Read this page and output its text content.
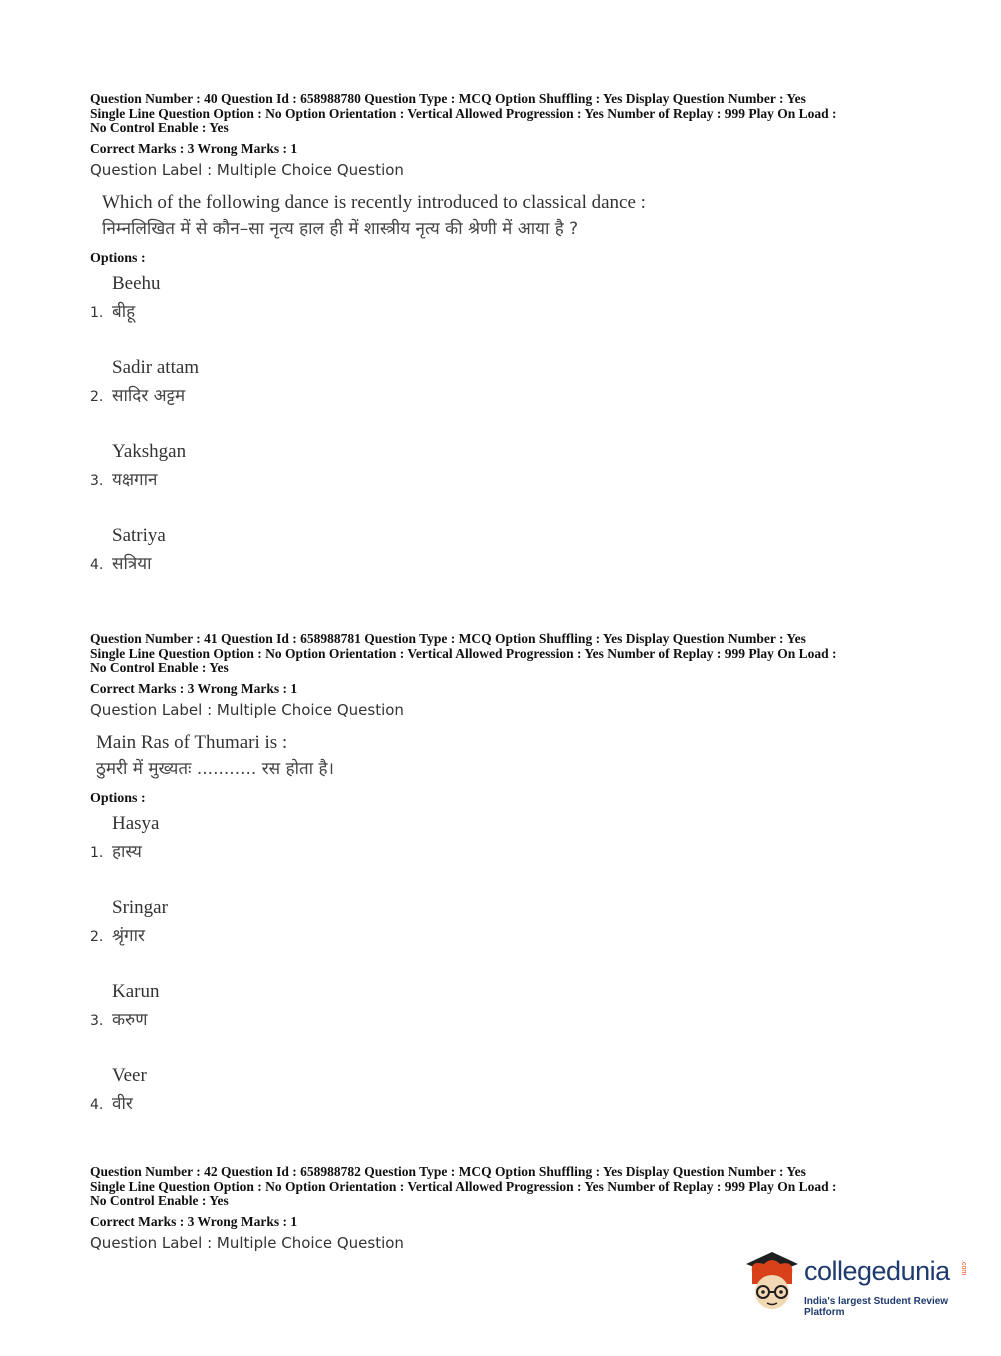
Question Number : 40 Question Id : 658988780 Question Type : MCQ Option Shuffling : Yes Display Question Number : Yes
Single Line Question Option : No Option Orientation : Vertical Allowed Progression : Yes Number of Replay : 999 Play On Load :
No Control Enable : Yes
Correct Marks : 3 Wrong Marks : 1
Question Label : Multiple Choice Question
Which of the following dance is recently introduced to classical dance :
निम्नलिखित में से कौन–सा नृत्य हाल ही में शास्त्रीय नृत्य की श्रेणी में आया है ?
Options :
1.
Beehu
बीहू
2.
Sadir attam
सादिर अट्टम
3.
Yakshgan
यक्षगान
4.
Satriya
सत्रिया
Question Number : 41 Question Id : 658988781 Question Type : MCQ Option Shuffling : Yes Display Question Number : Yes
Single Line Question Option : No Option Orientation : Vertical Allowed Progression : Yes Number of Replay : 999 Play On Load :
No Control Enable : Yes
Correct Marks : 3 Wrong Marks : 1
Question Label : Multiple Choice Question
Main Ras of Thumari is :
ठुमरी में मुख्यतः ........... रस होता है।
Options :
1.
Hasya
हास्य
2.
Sringar
श्रृंगार
3.
Karun
करुण
4.
Veer
वीर
Question Number : 42 Question Id : 658988782 Question Type : MCQ Option Shuffling : Yes Display Question Number : Yes
Single Line Question Option : No Option Orientation : Vertical Allowed Progression : Yes Number of Replay : 999 Play On Load :
No Control Enable : Yes
Correct Marks : 3 Wrong Marks : 1
Question Label : Multiple Choice Question
collegedunia .com
India's largest Student Review Platform
